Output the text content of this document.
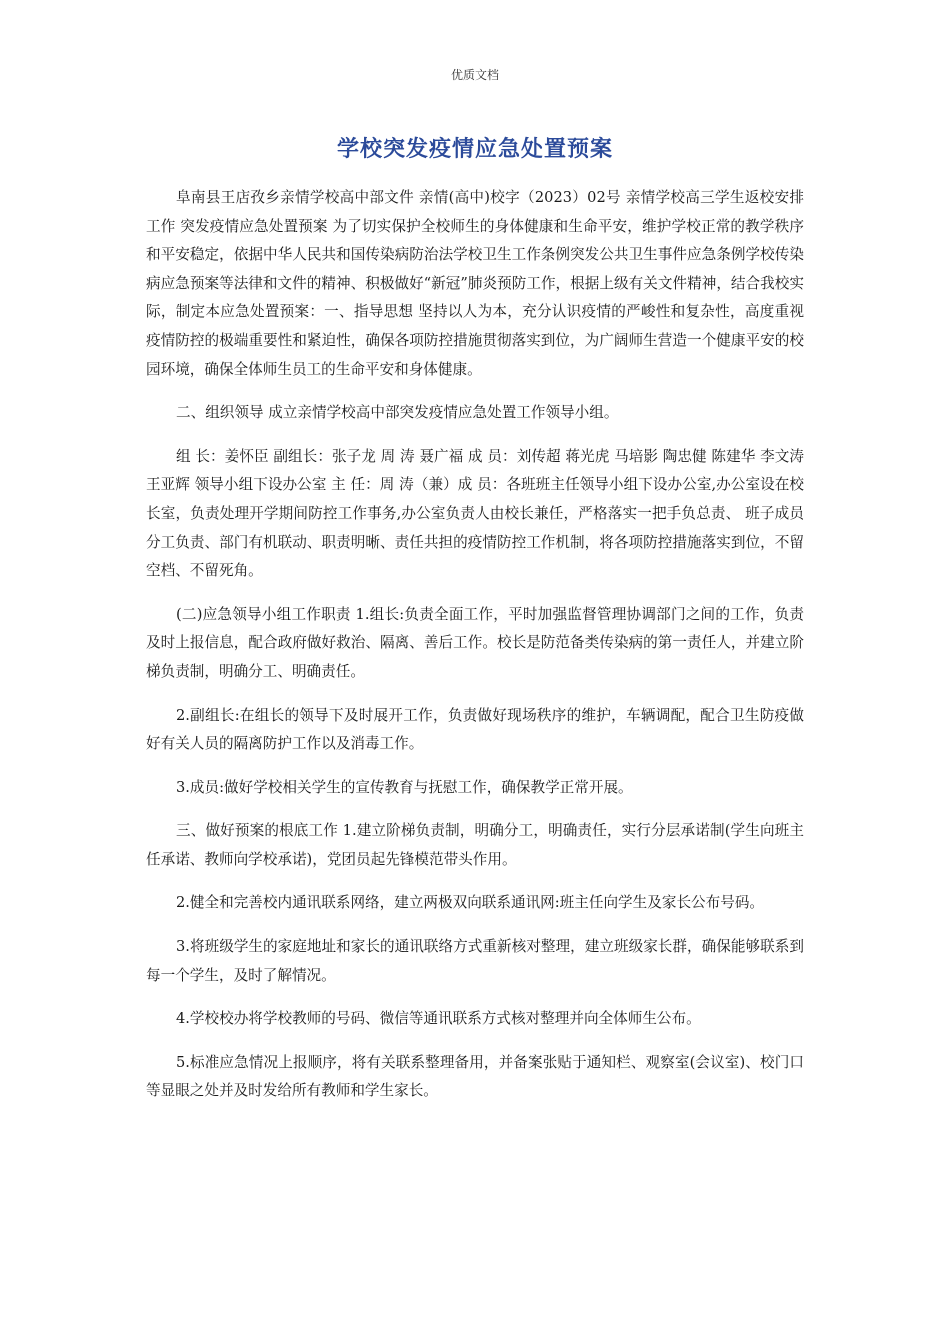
优质文档
学校突发疫情应急处置预案

阜南县王店孜乡亲情学校高中部文件 亲情(高中)校字（2023）02号 亲情学校高三学生返校安排工作 突发疫情应急处置预案 为了切实保护全校师生的身体健康和生命平安，维护学校正常的教学秩序和平安稳定，依据中华人民共和国传染病防治法学校卫生工作条例突发公共卫生事件应急条例学校传染病应急预案等法律和文件的精神、积极做好“新冠”肺炎预防工作，根据上级有关文件精神，结合我校实际，制定本应急处置预案：一、指导思想 坚持以人为本，充分认识疫情的严峻性和复杂性，高度重视疫情防控的极端重要性和紧迫性，确保各项防控措施贯彻落实到位，为广阔师生营造一个健康平安的校园环境，确保全体师生员工的生命平安和身体健康。

二、组织领导 成立亲情学校高中部突发疫情应急处置工作领导小组。

组 长：姜怀臣 副组长：张子龙 周 涛 聂广福 成 员：刘传超 蒋光虎 马培影 陶忠健 陈建华 李文涛 王亚辉 领导小组下设办公室 主 任：周 涛（兼）成 员：各班班主任领导小组下设办公室,办公室设在校长室，负责处理开学期间防控工作事务,办公室负责人由校长兼任，严格落实一把手负总责、 班子成员分工负责、部门有机联动、职责明晰、责任共担的疫情防控工作机制，将各项防控措施落实到位，不留空档、不留死角。

(二)应急领导小组工作职责 1.组长:负责全面工作，平时加强监督管理协调部门之间的工作，负责及时上报信息，配合政府做好救治、隔离、善后工作。校长是防范备类传染病的第一责任人，并建立阶梯负责制，明确分工、明确责任。

2.副组长:在组长的领导下及时展开工作，负责做好现场秩序的维护，车辆调配，配合卫生防疫做好有关人员的隔离防护工作以及消毒工作。

3.成员:做好学校相关学生的宣传教育与抚慰工作，确保教学正常开展。

三、做好预案的根底工作 1.建立阶梯负责制，明确分工，明确责任，实行分层承诺制(学生向班主任承诺、教师向学校承诺)，党团员起先锋模范带头作用。

2.健全和完善校内通讯联系网络，建立两极双向联系通讯网:班主任向学生及家长公布号码。

3.将班级学生的家庭地址和家长的通讯联络方式重新核对整理，建立班级家长群，确保能够联系到每一个学生，及时了解情况。

4.学校校办将学校教师的号码、微信等通讯联系方式核对整理并向全体师生公布。

5.标准应急情况上报顺序，将有关联系整理备用，并备案张贴于通知栏、观察室(会议室)、校门口等显眼之处并及时发给所有教师和学生家长。
